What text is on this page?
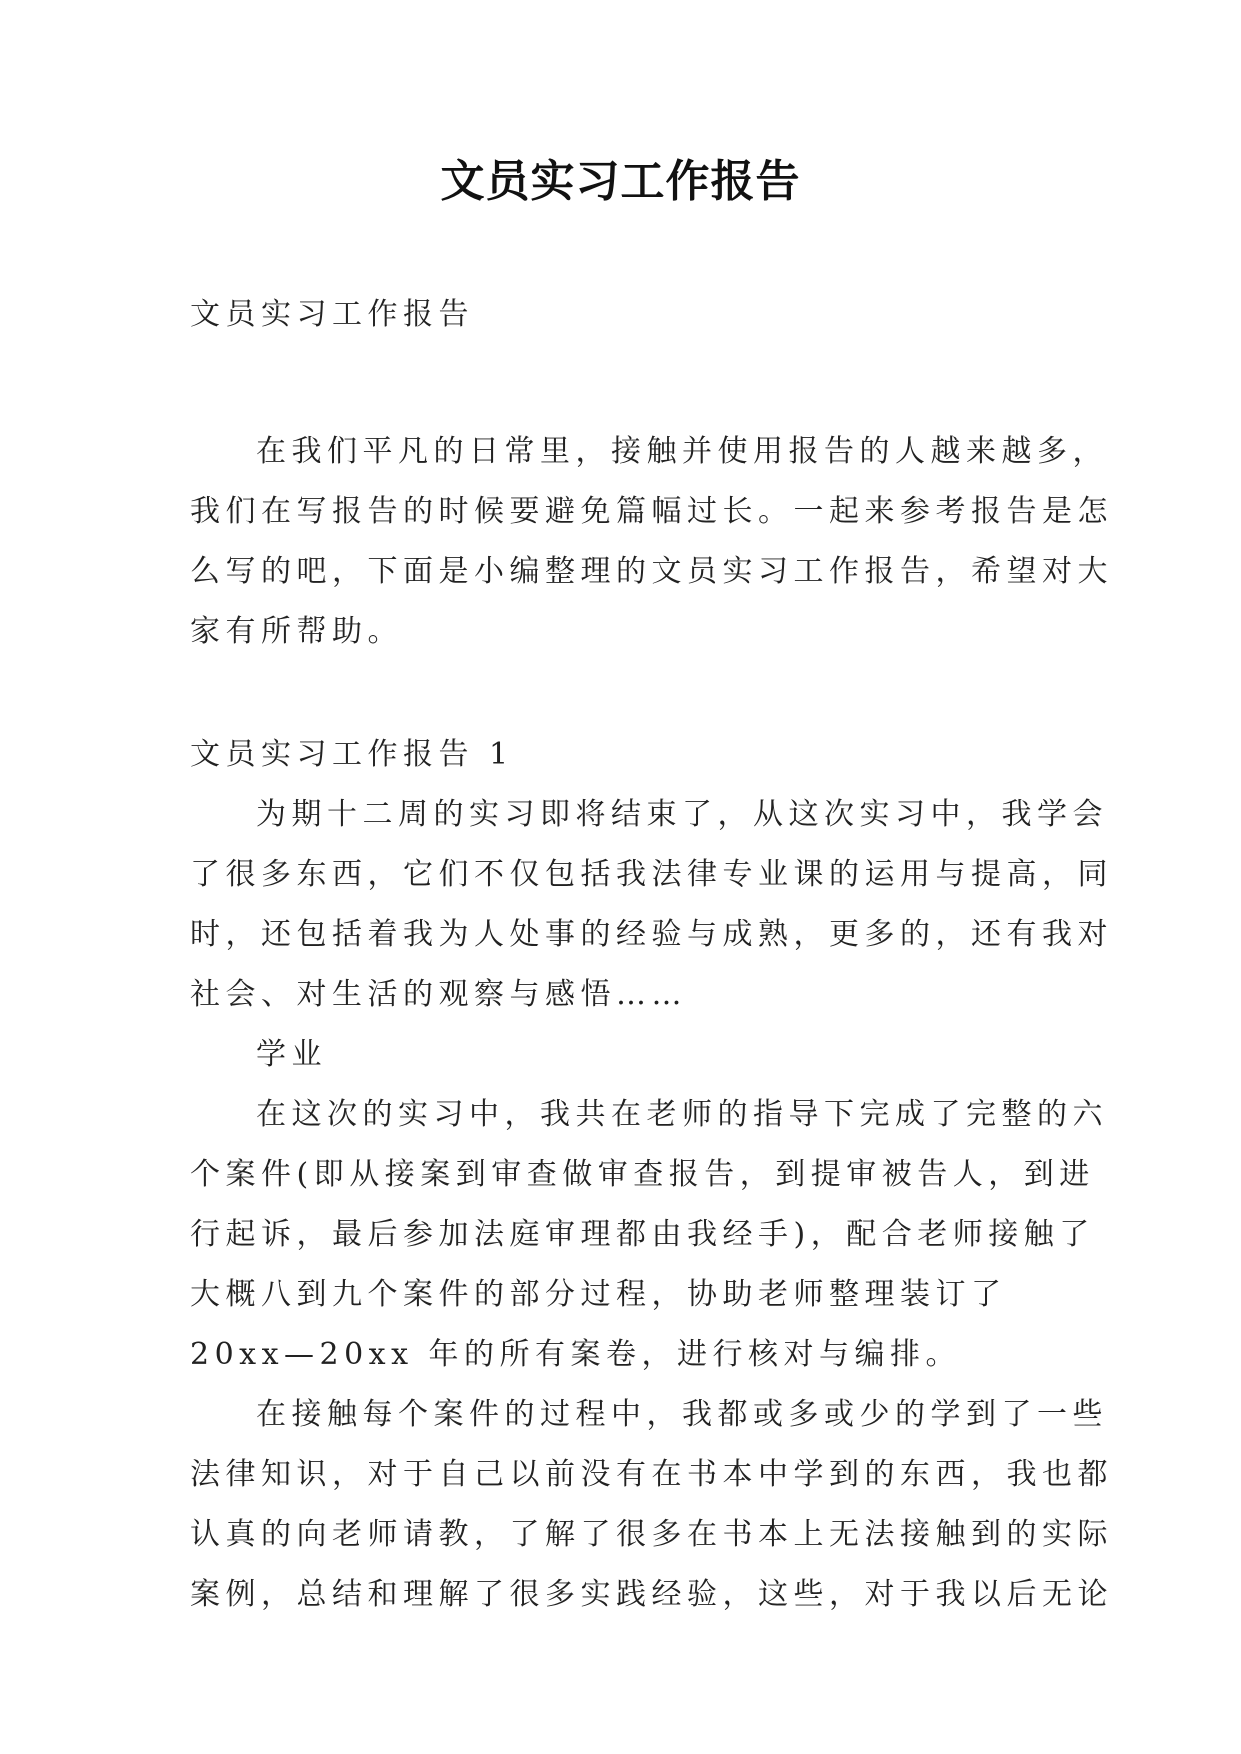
文员实习工作报告
文员实习工作报告
在我们平凡的日常里，接触并使用报告的人越来越多，
我们在写报告的时候要避免篇幅过长。一起来参考报告是怎
么写的吧，下面是小编整理的文员实习工作报告，希望对大
家有所帮助。
文员实习工作报告 1
为期十二周的实习即将结束了，从这次实习中，我学会
了很多东西，它们不仅包括我法律专业课的运用与提高，同
时，还包括着我为人处事的经验与成熟，更多的，还有我对
社会、对生活的观察与感悟……
学业
在这次的实习中，我共在老师的指导下完成了完整的六
个案件(即从接案到审查做审查报告，到提审被告人，到进
行起诉，最后参加法庭审理都由我经手)，配合老师接触了
大概八到九个案件的部分过程，协助老师整理装订了
20xx—20xx 年的所有案卷，进行核对与编排。
在接触每个案件的过程中，我都或多或少的学到了一些
法律知识，对于自己以前没有在书本中学到的东西，我也都
认真的向老师请教，了解了很多在书本上无法接触到的实际
案例，总结和理解了很多实践经验，这些，对于我以后无论
